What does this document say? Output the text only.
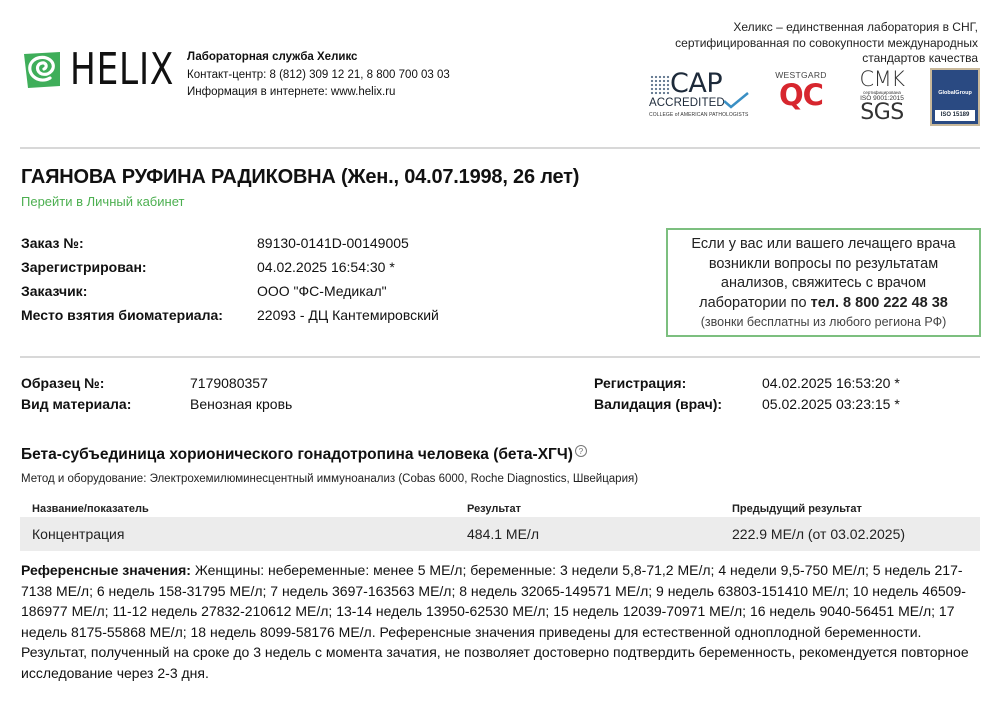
HELIX Лабораторная служба Хеликс
Контакт-центр: 8 (812) 309 12 21, 8 800 700 03 03
Информация в интернете: www.helix.ru
Хеликс – единственная лаборатория в СНГ,
сертифицированная по совокупности международных
стандартов качества
CAP
ACCREDITED
COLLEGE of AMERICAN PATHOLOGISTS
WESTGARD
QC	CMK
сертифицирована
ISO 9001:2015
SGS
GlobalGroup
ISO 15189
ГАЯНОВА РУФИНА РАДИКОВНА (Жен., 04.07.1998, 26 лет)
Перейти в Личный кабинет
Заказ №:	89130-0141D-00149005
Зарегистрирован:	04.02.2025 16:54:30 *
Заказчик:	ООО "ФС-Медикал"
Место взятия биоматериала:	22093 - ДЦ Кантемировский
Если у вас или вашего лечащего врача
возникли вопросы по результатам
анализов, свяжитесь с врачом
лаборатории по тел. 8 800 222 48 38
(звонки бесплатны из любого региона РФ)
Образец №:	7179080357
Вид материала:	Венозная кровь
Регистрация:	04.02.2025 16:53:20 *
Валидация (врач):	05.02.2025 03:23:15 *
Бета-субъединица хорионического гонадотропина человека (бета-ХГЧ) ?
Метод и оборудование: Электрохемилюминесцентный иммуноанализ (Cobas 6000, Roche Diagnostics, Швейцария)
Название/показатель	Результат	Предыдущий результат
Концентрация	484.1 МЕ/л	222.9 МЕ/л (от 03.02.2025)
Референсные значения: Женщины: небеременные: менее 5 МЕ/л; беременные: 3 недели 5,8-71,2 МЕ/л; 4 недели 9,5-750 МЕ/л; 5 недель 217-7138 МЕ/л; 6 недель 158-31795 МЕ/л; 7 недель 3697-163563 МЕ/л; 8 недель 32065-149571 МЕ/л; 9 недель 63803-151410 МЕ/л; 10 недель 46509-186977 МЕ/л; 11-12 недель 27832-210612 МЕ/л; 13-14 недель 13950-62530 МЕ/л; 15 недель 12039-70971 МЕ/л; 16 недель 9040-56451 МЕ/л; 17 недель 8175-55868 МЕ/л; 18 недель 8099-58176 МЕ/л. Референсные значения приведены для естественной одноплодной беременности. Результат, полученный на сроке до 3 недель с момента зачатия, не позволяет достоверно подтвердить беременность, рекомендуется повторное исследование через 2-3 дня.
